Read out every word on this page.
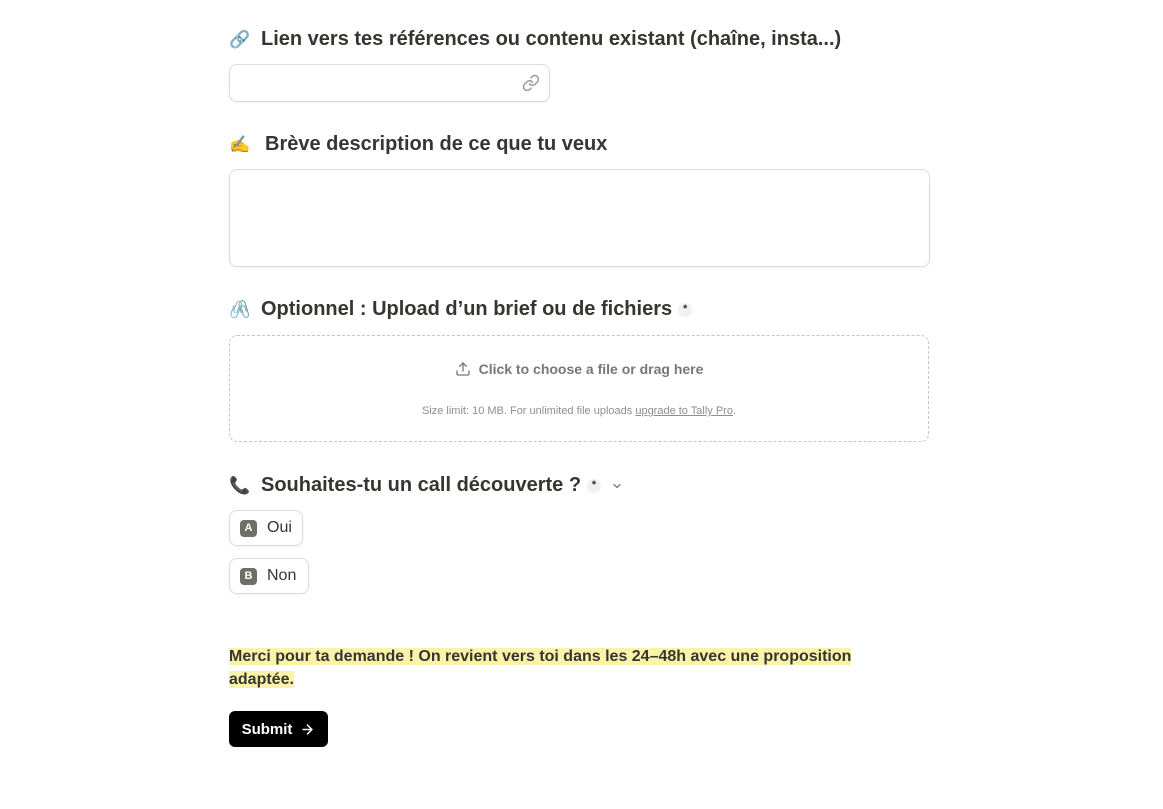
🔗 Lien vers tes références ou contenu existant (chaîne, insta...)
✍️ Brève description de ce que tu veux
🖇️ Optionnel : Upload d’un brief ou de fichiers *
Click to choose a file or drag here
Size limit: 10 MB. For unlimited file uploads upgrade to Tally Pro.
📞 Souhaites-tu un call découverte ? *
A Oui
B Non
Merci pour ta demande ! On revient vers toi dans les 24–48h avec une proposition adaptée.
Submit
